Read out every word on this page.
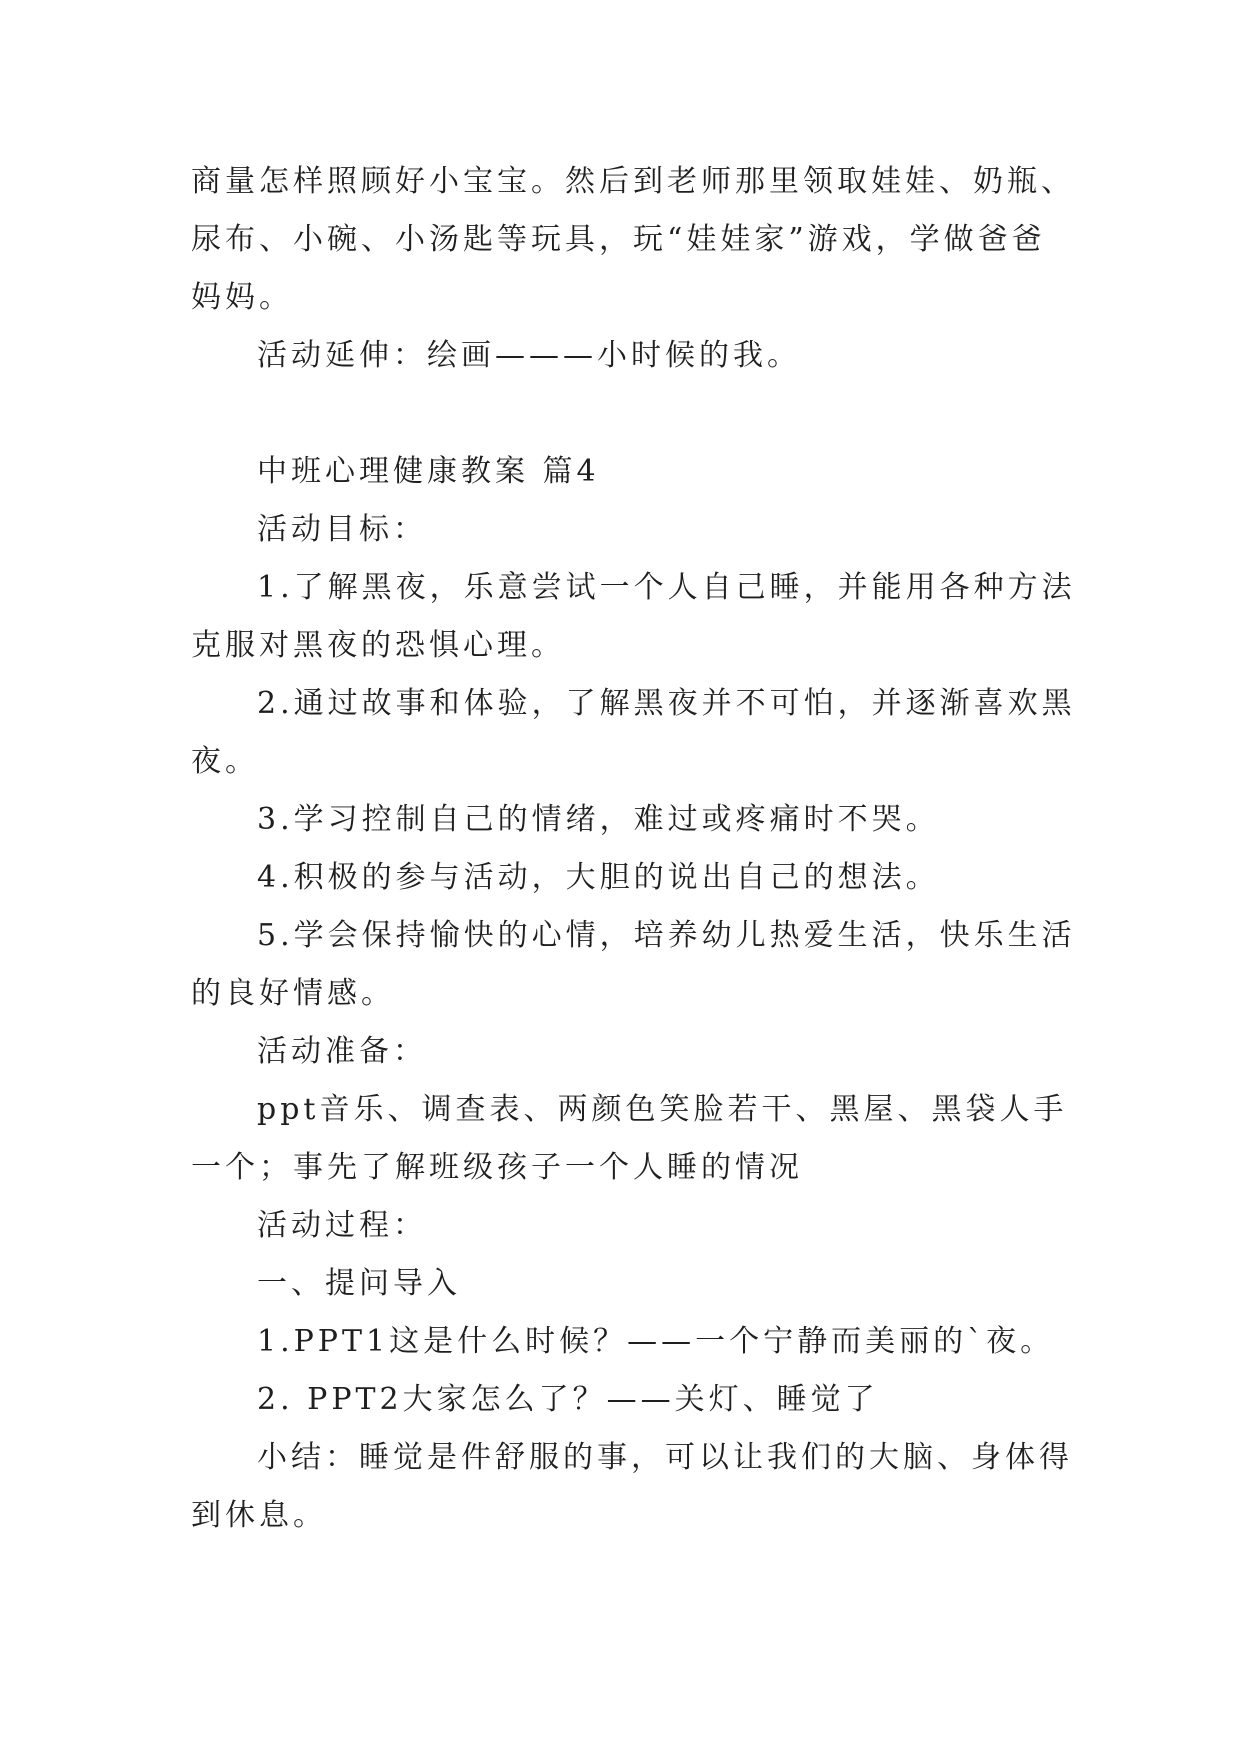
商量怎样照顾好小宝宝。然后到老师那里领取娃娃、奶瓶、
尿布、小碗、小汤匙等玩具，玩“娃娃家”游戏，学做爸爸
妈妈。
活动延伸：绘画———小时候的我。
中班心理健康教案 篇4
活动目标：
1.了解黑夜，乐意尝试一个人自己睡，并能用各种方法
克服对黑夜的恐惧心理。
2.通过故事和体验，了解黑夜并不可怕，并逐渐喜欢黑
夜。
3.学习控制自己的情绪，难过或疼痛时不哭。
4.积极的参与活动，大胆的说出自己的想法。
5.学会保持愉快的心情，培养幼儿热爱生活，快乐生活
的良好情感。
活动准备：
ppt音乐、调查表、两颜色笑脸若干、黑屋、黑袋人手
一个；事先了解班级孩子一个人睡的情况
活动过程：
一、提问导入
1.PPT1这是什么时候？——一个宁静而美丽的`夜。
2. PPT2大家怎么了？——关灯、睡觉了
小结：睡觉是件舒服的事，可以让我们的大脑、身体得
到休息。
